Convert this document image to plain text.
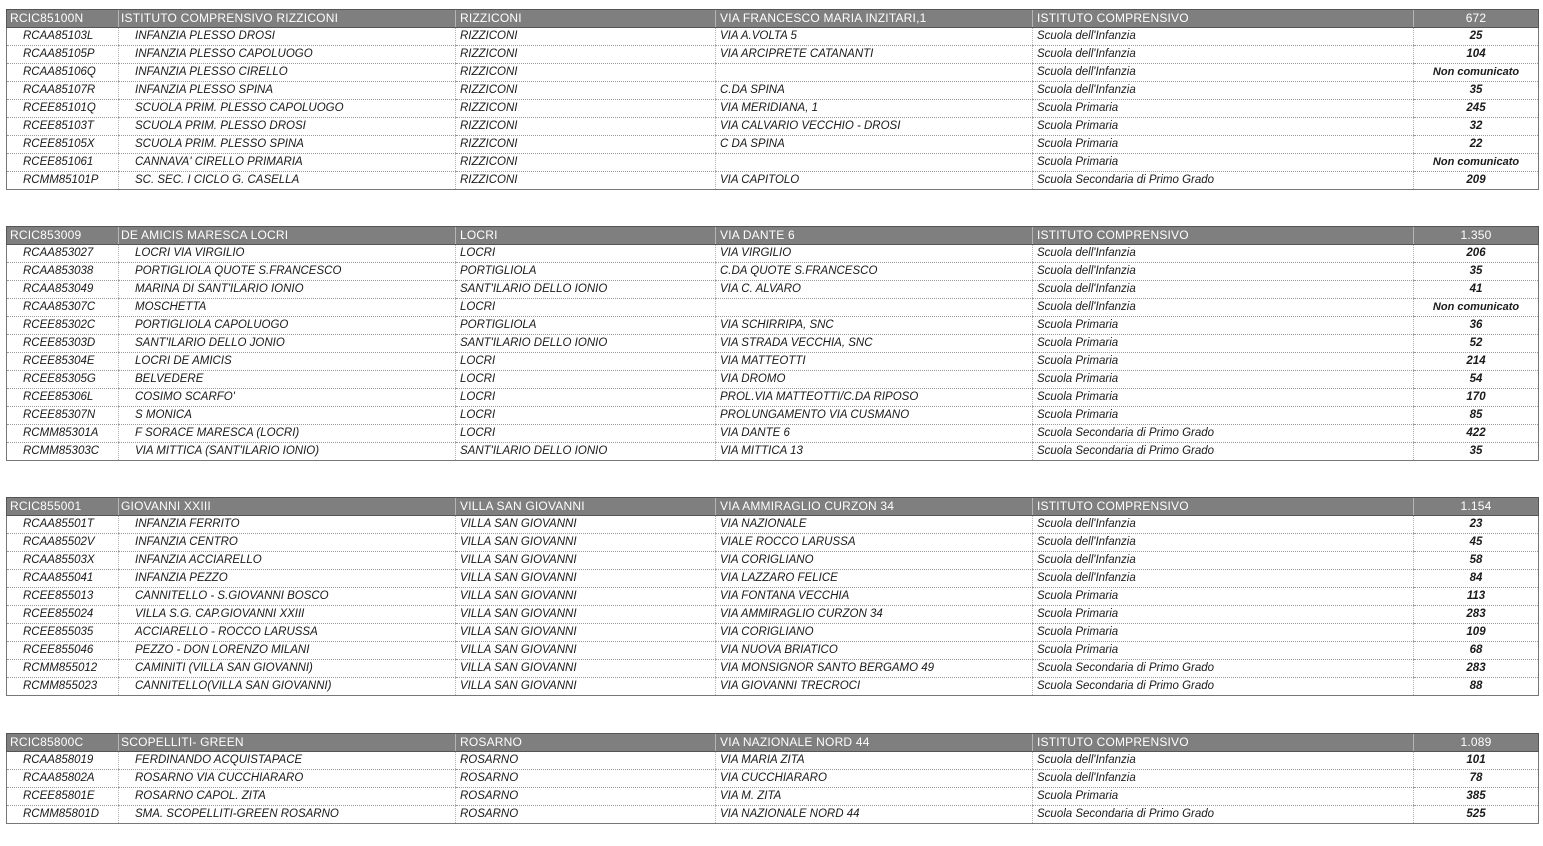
RCIC85100N	ISTITUTO COMPRENSIVO RIZZICONI	RIZZICONI	VIA FRANCESCO MARIA INZITARI,1	ISTITUTO COMPRENSIVO	672
RCAA85103L	INFANZIA PLESSO DROSI	RIZZICONI	VIA A.VOLTA 5	Scuola dell'Infanzia	25
RCAA85105P	INFANZIA PLESSO CAPOLUOGO	RIZZICONI	VIA ARCIPRETE CATANANTI	Scuola dell'Infanzia	104
RCAA85106Q	INFANZIA PLESSO CIRELLO	RIZZICONI		Scuola dell'Infanzia	Non comunicato
RCAA85107R	INFANZIA PLESSO SPINA	RIZZICONI	C.DA SPINA	Scuola dell'Infanzia	35
RCEE85101Q	SCUOLA PRIM. PLESSO CAPOLUOGO	RIZZICONI	VIA MERIDIANA, 1	Scuola Primaria	245
RCEE85103T	SCUOLA PRIM. PLESSO DROSI	RIZZICONI	VIA CALVARIO VECCHIO - DROSI	Scuola Primaria	32
RCEE85105X	SCUOLA PRIM. PLESSO SPINA	RIZZICONI	C DA SPINA	Scuola Primaria	22
RCEE851061	CANNAVA' CIRELLO PRIMARIA	RIZZICONI		Scuola Primaria	Non comunicato
RCMM85101P	SC. SEC. I CICLO G. CASELLA	RIZZICONI	VIA CAPITOLO	Scuola Secondaria di Primo Grado	209
RCIC853009	DE AMICIS MARESCA LOCRI	LOCRI	VIA DANTE 6	ISTITUTO COMPRENSIVO	1.350
RCAA853027	LOCRI VIA VIRGILIO	LOCRI	VIA VIRGILIO	Scuola dell'Infanzia	206
RCAA853038	PORTIGLIOLA QUOTE S.FRANCESCO	PORTIGLIOLA	C.DA QUOTE S.FRANCESCO	Scuola dell'Infanzia	35
RCAA853049	MARINA DI SANT'ILARIO IONIO	SANT'ILARIO DELLO IONIO	VIA C. ALVARO	Scuola dell'Infanzia	41
RCAA85307C	MOSCHETTA	LOCRI		Scuola dell'Infanzia	Non comunicato
RCEE85302C	PORTIGLIOLA CAPOLUOGO	PORTIGLIOLA	VIA SCHIRRIPA, SNC	Scuola Primaria	36
RCEE85303D	SANT'ILARIO DELLO JONIO	SANT'ILARIO DELLO IONIO	VIA STRADA VECCHIA, SNC	Scuola Primaria	52
RCEE85304E	LOCRI DE AMICIS	LOCRI	VIA MATTEOTTI	Scuola Primaria	214
RCEE85305G	BELVEDERE	LOCRI	VIA DROMO	Scuola Primaria	54
RCEE85306L	COSIMO SCARFO'	LOCRI	PROL.VIA MATTEOTTI/C.DA RIPOSO	Scuola Primaria	170
RCEE85307N	S MONICA	LOCRI	PROLUNGAMENTO VIA CUSMANO	Scuola Primaria	85
RCMM85301A	F SORACE MARESCA (LOCRI)	LOCRI	VIA DANTE 6	Scuola Secondaria di Primo Grado	422
RCMM85303C	VIA MITTICA (SANT'ILARIO IONIO)	SANT'ILARIO DELLO IONIO	VIA MITTICA 13	Scuola Secondaria di Primo Grado	35
RCIC855001	GIOVANNI XXIII	VILLA SAN GIOVANNI	VIA AMMIRAGLIO CURZON 34	ISTITUTO COMPRENSIVO	1.154
RCAA85501T	INFANZIA FERRITO	VILLA SAN GIOVANNI	VIA NAZIONALE	Scuola dell'Infanzia	23
RCAA85502V	INFANZIA CENTRO	VILLA SAN GIOVANNI	VIALE ROCCO LARUSSA	Scuola dell'Infanzia	45
RCAA85503X	INFANZIA ACCIARELLO	VILLA SAN GIOVANNI	VIA CORIGLIANO	Scuola dell'Infanzia	58
RCAA855041	INFANZIA PEZZO	VILLA SAN GIOVANNI	VIA LAZZARO FELICE	Scuola dell'Infanzia	84
RCEE855013	CANNITELLO - S.GIOVANNI BOSCO	VILLA SAN GIOVANNI	VIA FONTANA VECCHIA	Scuola Primaria	113
RCEE855024	VILLA S.G. CAP.GIOVANNI XXIII	VILLA SAN GIOVANNI	VIA AMMIRAGLIO CURZON 34	Scuola Primaria	283
RCEE855035	ACCIARELLO - ROCCO LARUSSA	VILLA SAN GIOVANNI	VIA CORIGLIANO	Scuola Primaria	109
RCEE855046	PEZZO - DON LORENZO MILANI	VILLA SAN GIOVANNI	VIA NUOVA BRIATICO	Scuola Primaria	68
RCMM855012	CAMINITI (VILLA SAN GIOVANNI)	VILLA SAN GIOVANNI	VIA MONSIGNOR SANTO BERGAMO 49	Scuola Secondaria di Primo Grado	283
RCMM855023	CANNITELLO(VILLA SAN GIOVANNI)	VILLA SAN GIOVANNI	VIA GIOVANNI TRECROCI	Scuola Secondaria di Primo Grado	88
RCIC85800C	SCOPELLITI- GREEN	ROSARNO	VIA NAZIONALE NORD 44	ISTITUTO COMPRENSIVO	1.089
RCAA858019	FERDINANDO ACQUISTAPACE	ROSARNO	VIA MARIA ZITA	Scuola dell'Infanzia	101
RCAA85802A	ROSARNO VIA CUCCHIARARO	ROSARNO	VIA CUCCHIARARO	Scuola dell'Infanzia	78
RCEE85801E	ROSARNO CAPOL. ZITA	ROSARNO	VIA M. ZITA	Scuola Primaria	385
RCMM85801D	SMA. SCOPELLITI-GREEN ROSARNO	ROSARNO	VIA NAZIONALE NORD 44	Scuola Secondaria di Primo Grado	525
